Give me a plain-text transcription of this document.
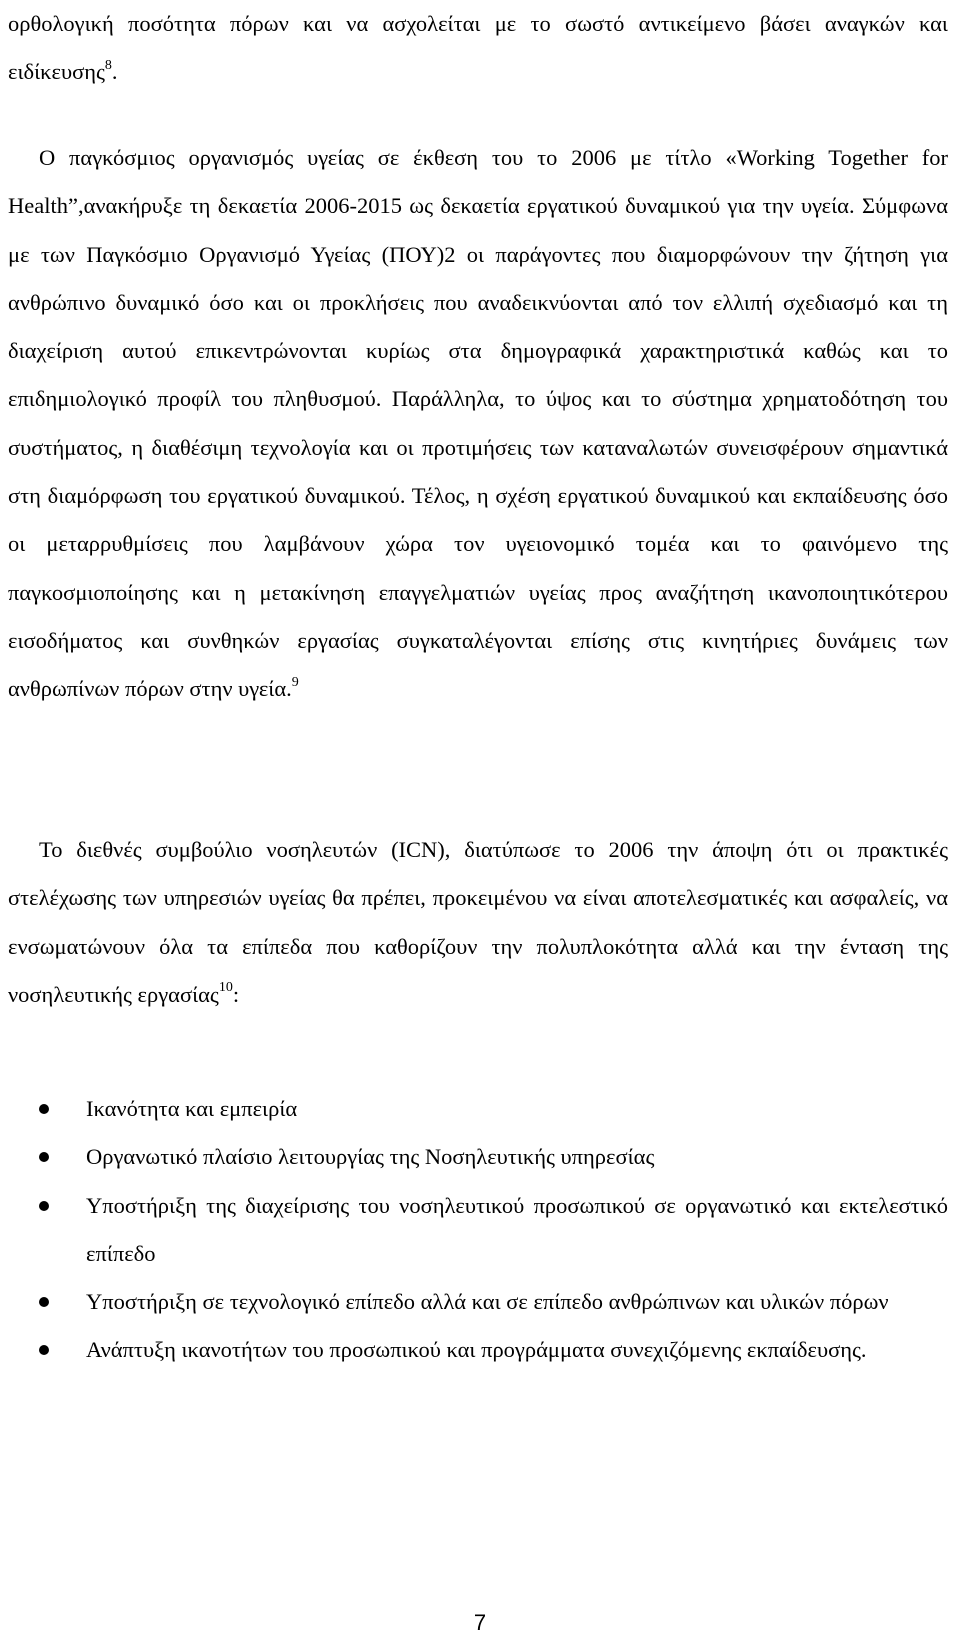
ορθολογική ποσότητα πόρων και να ασχολείται με το σωστό αντικείμενο βάσει αναγκών και ειδίκευσης$^8$.

Ο παγκόσμιος οργανισμός υγείας σε έκθεση του το 2006 με τίτλο «Working Together for Health”,ανακήρυξε τη δεκαετία 2006-2015 ως δεκαετία εργατικού δυναμικού για την υγεία. Σύμφωνα με των Παγκόσμιο Οργανισμό Υγείας (ΠΟΥ)2 οι παράγοντες που διαμορφώνουν την ζήτηση για ανθρώπινο δυναμικό όσο και οι προκλήσεις που αναδεικνύονται από τον ελλιπή σχεδιασμό και τη διαχείριση αυτού επικεντρώνονται κυρίως στα δημογραφικά χαρακτηριστικά καθώς και το επιδημιολογικό προφίλ του πληθυσμού. Παράλληλα, το ύψος και το σύστημα χρηματοδότηση του συστήματος, η διαθέσιμη τεχνολογία και οι προτιμήσεις των καταναλωτών συνεισφέρουν σημαντικά στη διαμόρφωση του εργατικού δυναμικού. Τέλος, η σχέση εργατικού δυναμικού και εκπαίδευσης όσο οι μεταρρυθμίσεις που λαμβάνουν χώρα τον υγειονομικό τομέα και το φαινόμενο της παγκοσμιοποίησης και η μετακίνηση επαγγελματιών υγείας προς αναζήτηση ικανοποιητικότερου εισοδήματος και συνθηκών εργασίας συγκαταλέγονται επίσης στις κινητήριες δυνάμεις των ανθρωπίνων πόρων στην υγεία.$^9$

Το διεθνές συμβούλιο νοσηλευτών (ICN), διατύπωσε το 2006 την άποψη ότι οι πρακτικές στελέχωσης των υπηρεσιών υγείας θα πρέπει, προκειμένου να είναι αποτελεσματικές και ασφαλείς, να ενσωματώνουν όλα τα επίπεδα που καθορίζουν την πολυπλοκότητα αλλά και την ένταση της νοσηλευτικής εργασίας$^{10}$:

Ικανότητα και εμπειρία
Οργανωτικό πλαίσιο λειτουργίας της Νοσηλευτικής υπηρεσίας
Υποστήριξη της διαχείρισης του νοσηλευτικού προσωπικού σε οργανωτικό και εκτελεστικό επίπεδο
Υποστήριξη σε τεχνολογικό επίπεδο αλλά και σε επίπεδο ανθρώπινων και υλικών πόρων
Ανάπτυξη ικανοτήτων του προσωπικού και προγράμματα συνεχιζόμενης εκπαίδευσης.
7
